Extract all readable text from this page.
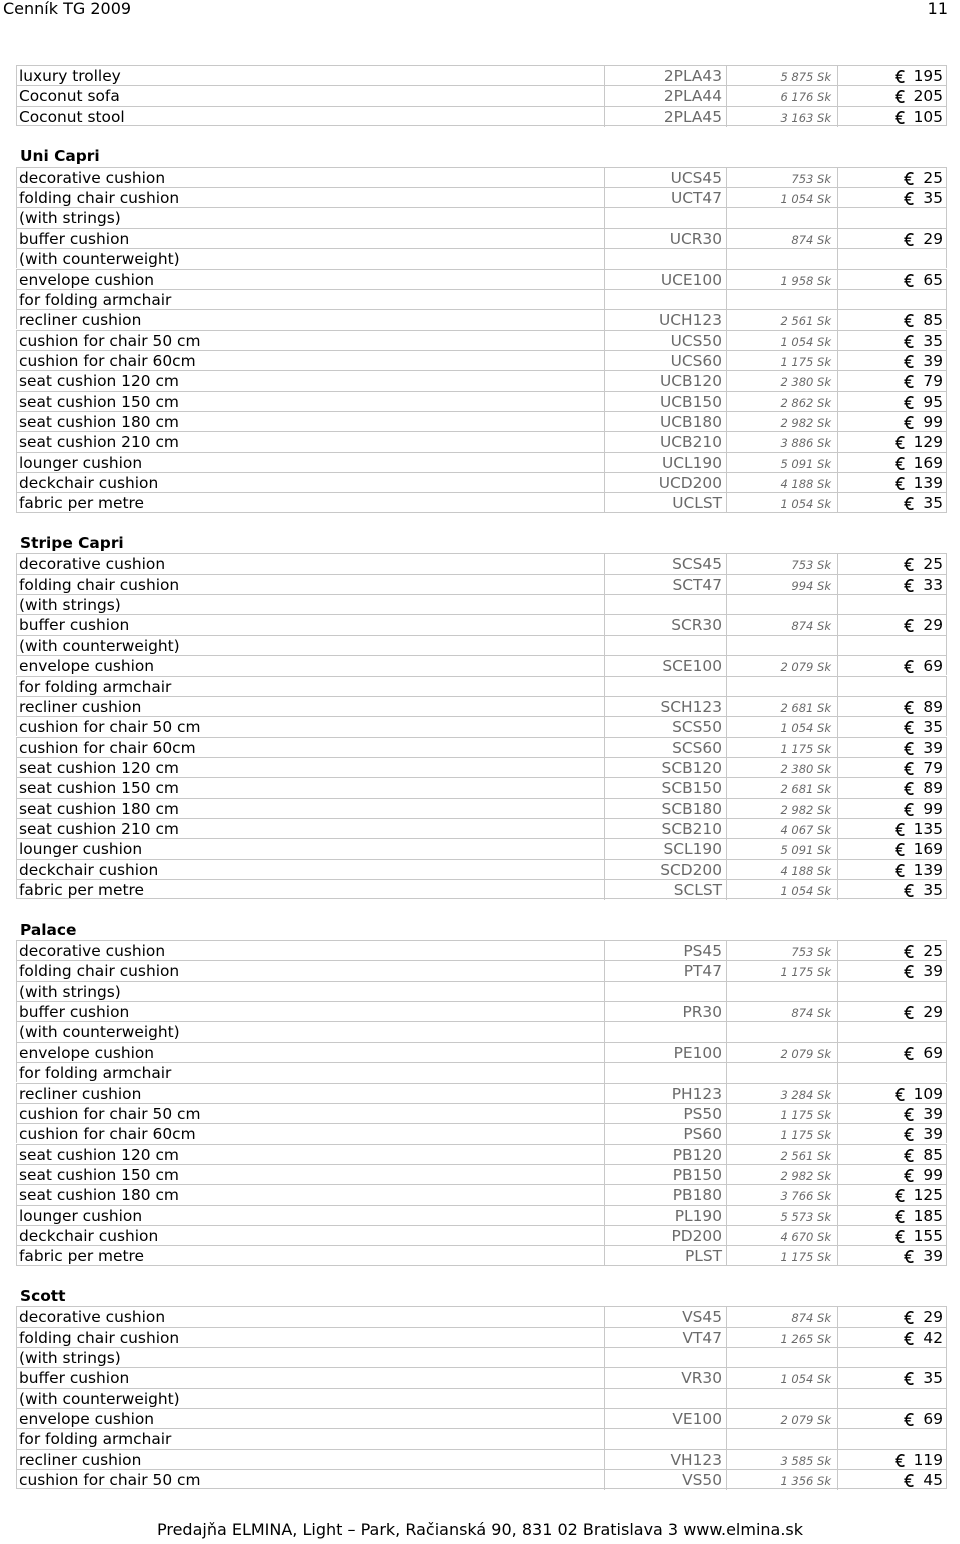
Cenník TG 2009	11
luxury trolley	2PLA43	5 875 Sk	195
Coconut sofa	2PLA44	6 176 Sk	205
Coconut stool	2PLA45	3 163 Sk	105
Uni Capri
decorative cushion	UCS45	753 Sk	25
folding chair cushion	UCT47	1 054 Sk	35
(with strings)
buffer cushion	UCR30	874 Sk	29
(with counterweight)
envelope cushion	UCE100	1 958 Sk	65
for folding armchair
recliner cushion	UCH123	2 561 Sk	85
cushion for chair 50 cm	UCS50	1 054 Sk	35
cushion for chair 60cm	UCS60	1 175 Sk	39
seat cushion 120 cm	UCB120	2 380 Sk	79
seat cushion 150 cm	UCB150	2 862 Sk	95
seat cushion 180 cm	UCB180	2 982 Sk	99
seat cushion 210 cm	UCB210	3 886 Sk	129
lounger cushion	UCL190	5 091 Sk	169
deckchair cushion	UCD200	4 188 Sk	139
fabric per metre	UCLST	1 054 Sk	35
Stripe Capri
decorative cushion	SCS45	753 Sk	25
folding chair cushion	SCT47	994 Sk	33
(with strings)
buffer cushion	SCR30	874 Sk	29
(with counterweight)
envelope cushion	SCE100	2 079 Sk	69
for folding armchair
recliner cushion	SCH123	2 681 Sk	89
cushion for chair 50 cm	SCS50	1 054 Sk	35
cushion for chair 60cm	SCS60	1 175 Sk	39
seat cushion 120 cm	SCB120	2 380 Sk	79
seat cushion 150 cm	SCB150	2 681 Sk	89
seat cushion 180 cm	SCB180	2 982 Sk	99
seat cushion 210 cm	SCB210	4 067 Sk	135
lounger cushion	SCL190	5 091 Sk	169
deckchair cushion	SCD200	4 188 Sk	139
fabric per metre	SCLST	1 054 Sk	35
Palace
decorative cushion	PS45	753 Sk	25
folding chair cushion	PT47	1 175 Sk	39
(with strings)
buffer cushion	PR30	874 Sk	29
(with counterweight)
envelope cushion	PE100	2 079 Sk	69
for folding armchair
recliner cushion	PH123	3 284 Sk	109
cushion for chair 50 cm	PS50	1 175 Sk	39
cushion for chair 60cm	PS60	1 175 Sk	39
seat cushion 120 cm	PB120	2 561 Sk	85
seat cushion 150 cm	PB150	2 982 Sk	99
seat cushion 180 cm	PB180	3 766 Sk	125
lounger cushion	PL190	5 573 Sk	185
deckchair cushion	PD200	4 670 Sk	155
fabric per metre	PLST	1 175 Sk	39
Scott
decorative cushion	VS45	874 Sk	29
folding chair cushion	VT47	1 265 Sk	42
(with strings)
buffer cushion	VR30	1 054 Sk	35
(with counterweight)
envelope cushion	VE100	2 079 Sk	69
for folding armchair
recliner cushion	VH123	3 585 Sk	119
cushion for chair 50 cm	VS50	1 356 Sk	45
Predajňa ELMINA, Light – Park, Račianská 90, 831 02 Bratislava 3 www.elmina.sk
